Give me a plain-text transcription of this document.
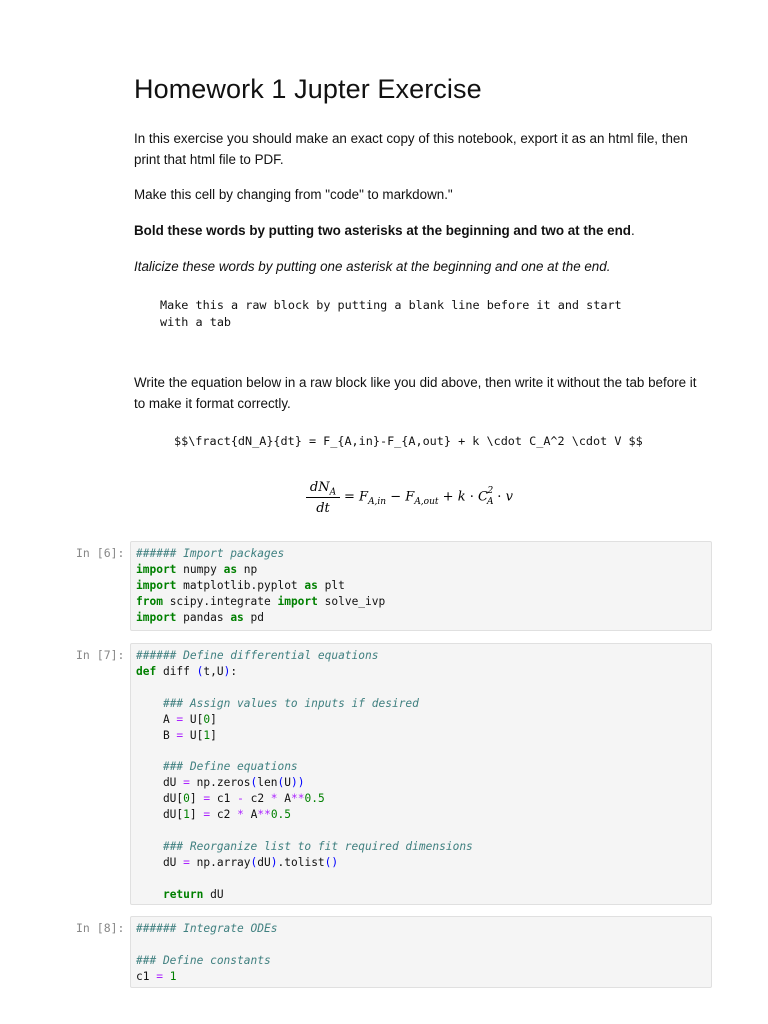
Homework 1 Jupter Exercise

In this exercise you should make an exact copy of this notebook, export it as an html file, then print that html file to PDF.

Make this cell by changing from "code" to markdown."

Bold these words by putting two asterisks at the beginning and two at the end.

Italicize these words by putting one asterisk at the beginning and one at the end.

Make this a raw block by putting a blank line before it and start
with a tab

Write the equation below in a raw block like you did above, then write it without the tab before it to make it format correctly.

$$\fract{dN_A}{dt} = F_{A,in}-F_{A,out} + k \cdot C_A^2 \cdot V $$
$dN_A$
dt
= $F_{A,in} - F_{A,out} + k \cdot C_A^2 \cdot v$
In [6]:	###### Import packages
import numpy as np
import matplotlib.pyplot as plt
from scipy.integrate import solve_ivp
import pandas as pd
In [7]:	###### Define differential equations
def diff (t,U):

### Assign values to inputs if desired
A = U[0]
B = U[1]

### Define equations
dU = np.zeros(len(U))
dU[0] = c1 - c2 * A**0.5
dU[1] = c2 * A**0.5

### Reorganize list to fit required dimensions
dU = np.array(dU).tolist()

return dU
In [8]:	###### Integrate ODEs

### Define constants
c1 = 1
